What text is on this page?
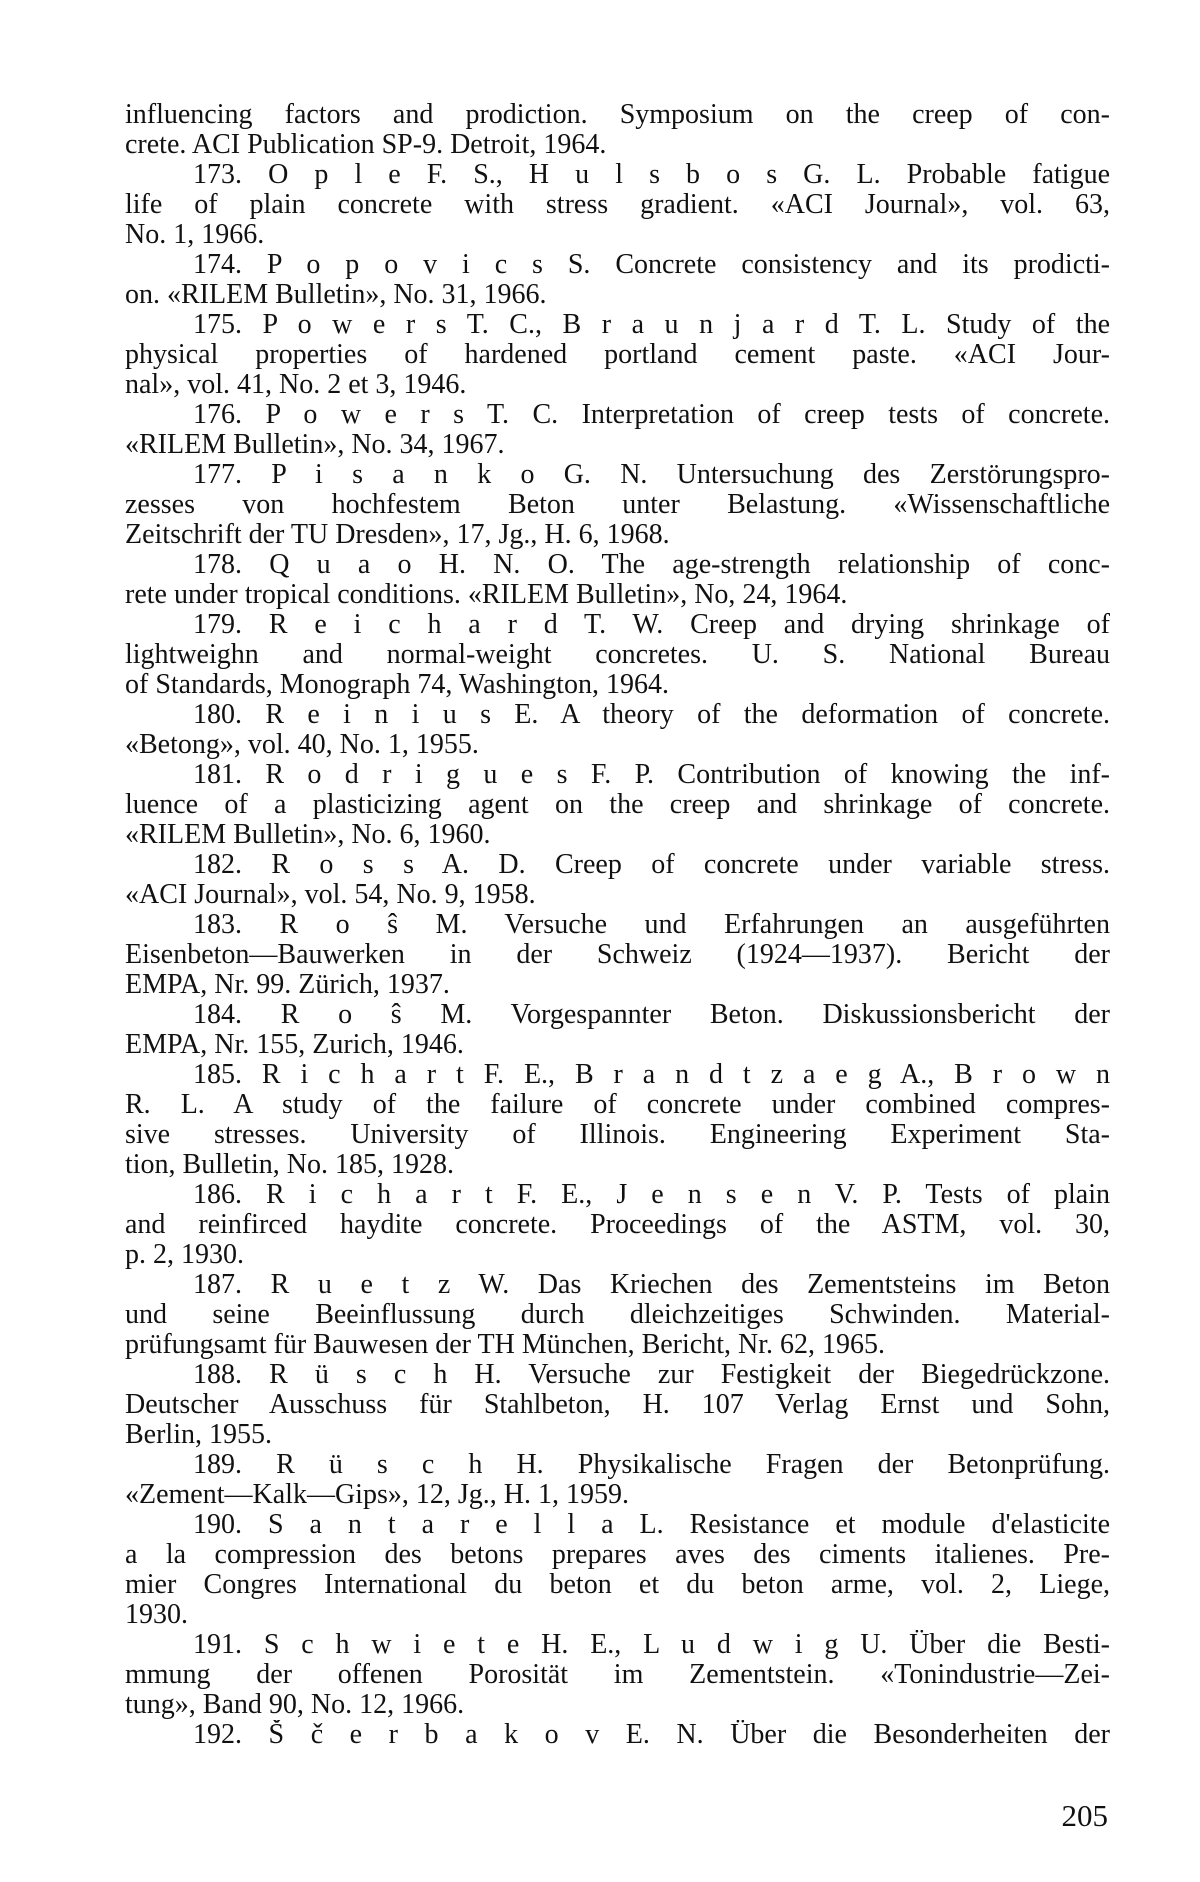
influencing factors and prodiction. Symposium on the creep of con-
crete. ACI Publication SP-9. Detroit, 1964.
173. O p l e F. S., H u l s b o s G. L. Probable fatigue
life of plain concrete with stress gradient. «ACI Journal», vol. 63,
No. 1, 1966.
174. P o p o v i c s S. Concrete consistency and its prodicti-
on. «RILEM Bulletin», No. 31, 1966.
175. P o w e r s T. C., B r a u n j a r d T. L. Study of the
physical properties of hardened portland cement paste. «ACI Jour-
nal», vol. 41, No. 2 et 3, 1946.
176. P o w e r s T. C. Interpretation of creep tests of concrete.
«RILEM Bulletin», No. 34, 1967.
177. P i s a n k o G. N. Untersuchung des Zerstörungspro-
zesses von hochfestem Beton unter Belastung. «Wissenschaftliche
Zeitschrift der TU Dresden», 17, Jg., H. 6, 1968.
178. Q u a o H. N. O. The age-strength relationship of conc-
rete under tropical conditions. «RILEM Bulletin», No, 24, 1964.
179. R e i c h a r d T. W. Creep and drying shrinkage of
lightweighn and normal-weight concretes. U. S. National Bureau
of Standards, Monograph 74, Washington, 1964.
180. R e i n i u s E. A theory of the deformation of concrete.
«Betong», vol. 40, No. 1, 1955.
181. R o d r i g u e s F. P. Contribution of knowing the inf-
luence of a plasticizing agent on the creep and shrinkage of concrete.
«RILEM Bulletin», No. 6, 1960.
182. R o s s A. D. Creep of concrete under variable stress.
«ACI Journal», vol. 54, No. 9, 1958.
183. R o ŝ M. Versuche und Erfahrungen an ausgeführten
Eisenbeton—Bauwerken in der Schweiz (1924—1937). Bericht der
EMPA, Nr. 99. Zürich, 1937.
184. R o ŝ M. Vorgespannter Beton. Diskussionsbericht der
EMPA, Nr. 155, Zurich, 1946.
185. R i c h a r t F. E., B r a n d t z a e g A., B r o w n
R. L. A study of the failure of concrete under combined compres-
sive stresses. University of Illinois. Engineering Experiment Sta-
tion, Bulletin, No. 185, 1928.
186. R i c h a r t F. E., J e n s e n V. P. Tests of plain
and reinfirced haydite concrete. Proceedings of the ASTM, vol. 30,
p. 2, 1930.
187. R u e t z W. Das Kriechen des Zementsteins im Beton
und seine Beeinflussung durch dleichzeitiges Schwinden. Material-
prüfungsamt für Bauwesen der TH München, Bericht, Nr. 62, 1965.
188. R ü s c h H. Versuche zur Festigkeit der Biegedrückzone.
Deutscher Ausschuss für Stahlbeton, H. 107 Verlag Ernst und Sohn,
Berlin, 1955.
189. R ü s c h H. Physikalische Fragen der Betonprüfung.
«Zement—Kalk—Gips», 12, Jg., H. 1, 1959.
190. S a n t a r e l l a L. Resistance et module d'elasticite
a la compression des betons prepares aves des ciments italienes. Pre-
mier Congres International du beton et du beton arme, vol. 2, Liege,
1930.
191. S c h w i e t e H. E., L u d w i g U. Über die Besti-
mmung der offenen Porosität im Zementstein. «Tonindustrie—Zei-
tung», Band 90, No. 12, 1966.
192. Š č e r b a k o v E. N. Über die Besonderheiten der
205
